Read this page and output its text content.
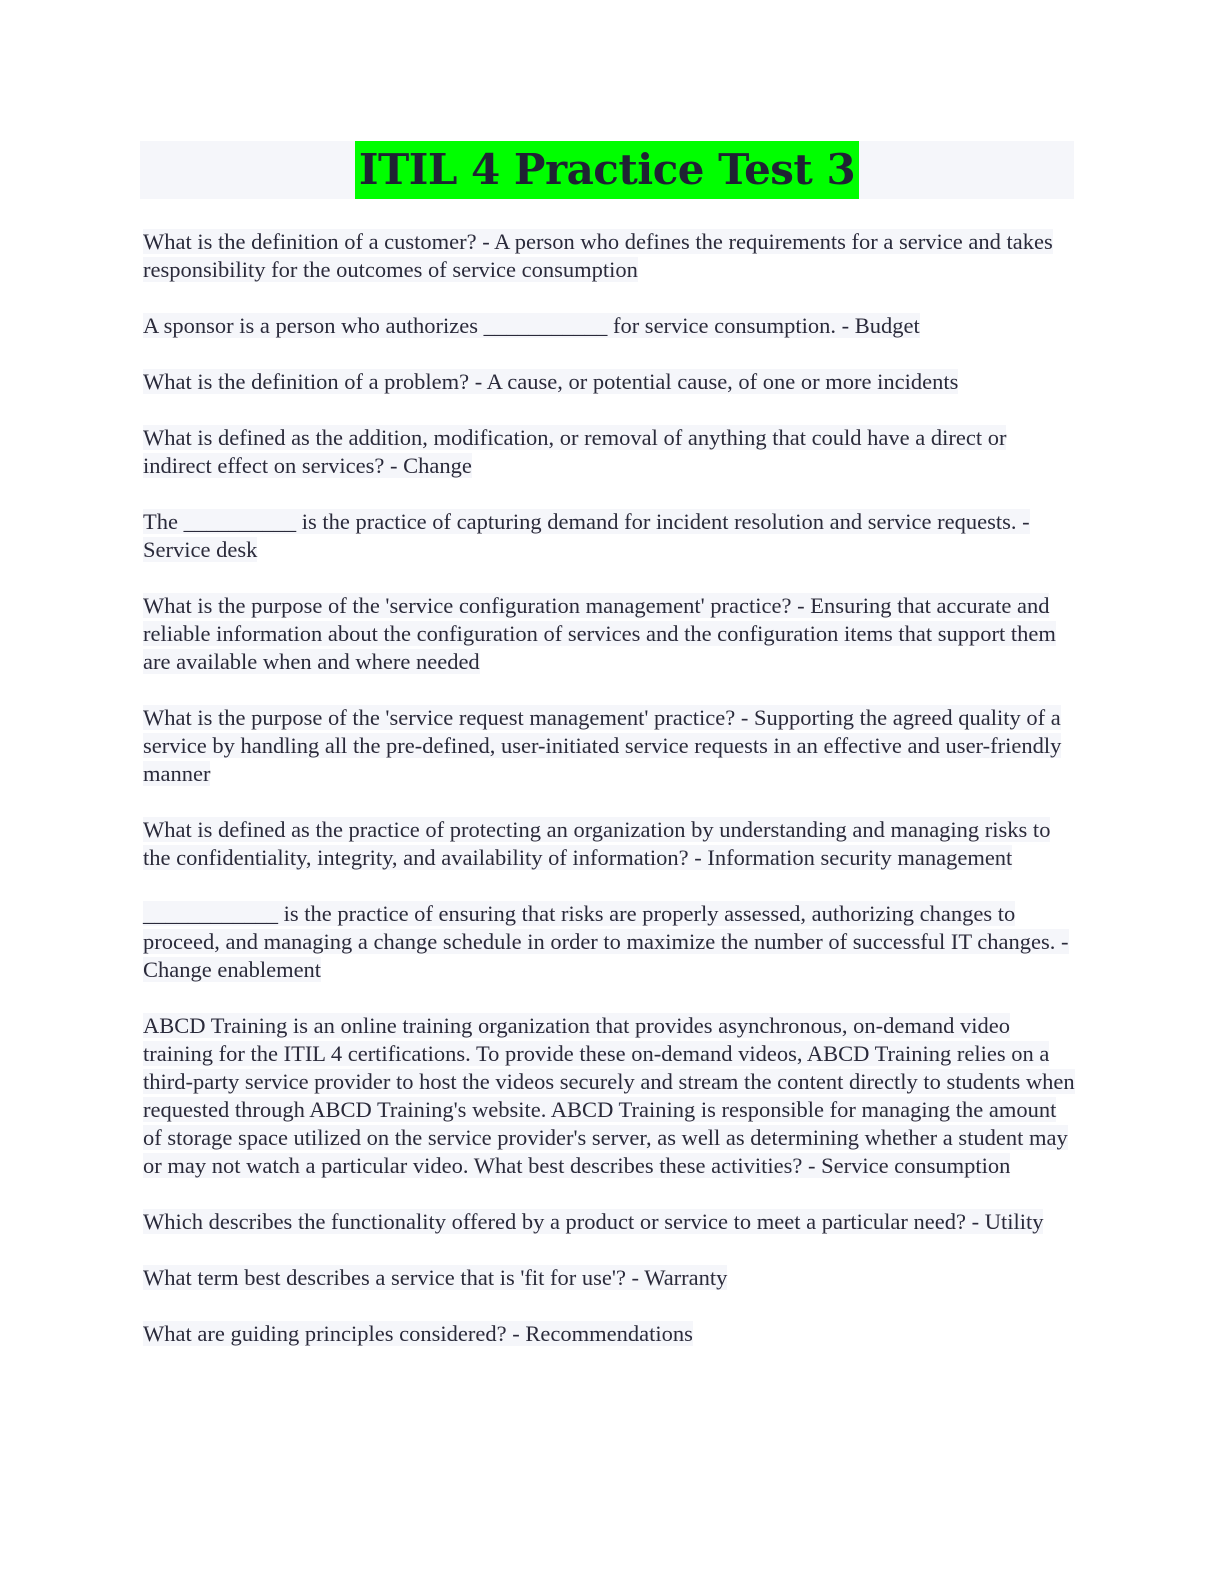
ITIL 4 Practice Test 3

What is the definition of a customer? - A person who defines the requirements for a service and takes responsibility for the outcomes of service consumption

A sponsor is a person who authorizes ___________ for service consumption. - Budget

What is the definition of a problem? - A cause, or potential cause, of one or more incidents

What is defined as the addition, modification, or removal of anything that could have a direct or indirect effect on services? - Change

The __________ is the practice of capturing demand for incident resolution and service requests. - Service desk

What is the purpose of the 'service configuration management' practice? - Ensuring that accurate and reliable information about the configuration of services and the configuration items that support them are available when and where needed

What is the purpose of the 'service request management' practice? - Supporting the agreed quality of a service by handling all the pre-defined, user-initiated service requests in an effective and user-friendly manner

What is defined as the practice of protecting an organization by understanding and managing risks to the confidentiality, integrity, and availability of information? - Information security management

____________ is the practice of ensuring that risks are properly assessed, authorizing changes to proceed, and managing a change schedule in order to maximize the number of successful IT changes. - Change enablement

ABCD Training is an online training organization that provides asynchronous, on-demand video training for the ITIL 4 certifications. To provide these on-demand videos, ABCD Training relies on a third-party service provider to host the videos securely and stream the content directly to students when requested through ABCD Training's website. ABCD Training is responsible for managing the amount of storage space utilized on the service provider's server, as well as determining whether a student may or may not watch a particular video. What best describes these activities? - Service consumption

Which describes the functionality offered by a product or service to meet a particular need? - Utility

What term best describes a service that is 'fit for use'? - Warranty

What are guiding principles considered? - Recommendations
